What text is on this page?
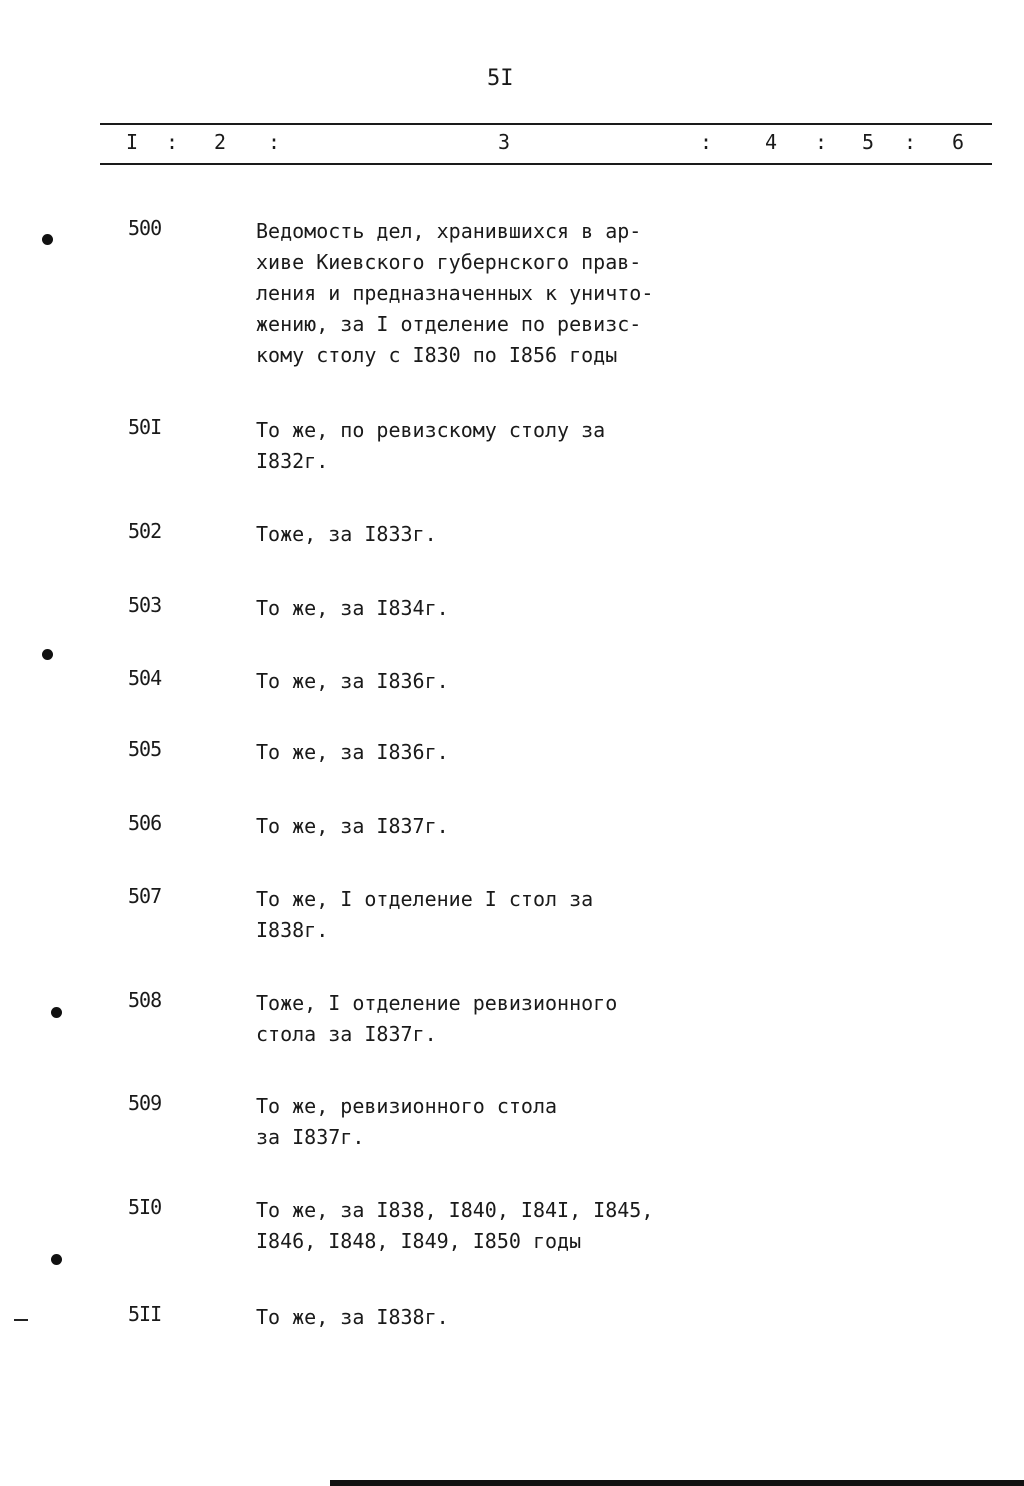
5I
I : 2 :	3	:	4 : 5 : 6
500	Ведомость дел, хранившихся в ар-
хиве Киевского губернского прав-
ления и предназначенных к уничто-
жению, за I отделение по ревизс-
кому столу с I830 по I856 годы
50I	То же, по ревизскому столу за
I832г.
502	Тоже, за I833г.
503	То же, за I834г.
504	То же, за I836г.
505	То же, за I836г.
506	То же, за I837г.
507	То же, I отделение I стол за
I838г.
508	Тоже, I отделение ревизионного
стола за I837г.
509	То же, ревизионного стола
за I837г.
5I0	То же, за I838, I840, I84I, I845,
I846, I848, I849, I850 годы
5II	То же, за I838г.
